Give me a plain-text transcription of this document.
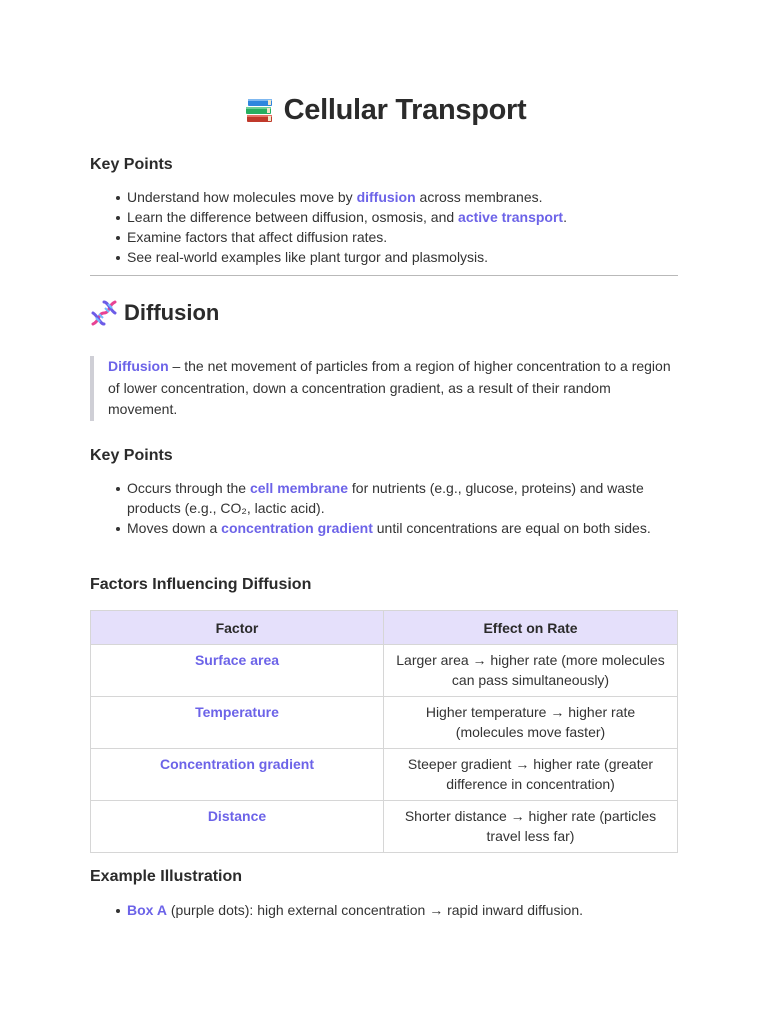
Cellular Transport
Key Points
Understand how molecules move by diffusion across membranes.
Learn the difference between diffusion, osmosis, and active transport.
Examine factors that affect diffusion rates.
See real-world examples like plant turgor and plasmolysis.
Diffusion
Diffusion – the net movement of particles from a region of higher concentration to a region of lower concentration, down a concentration gradient, as a result of their random movement.
Key Points
Occurs through the cell membrane for nutrients (e.g., glucose, proteins) and waste products (e.g., CO₂, lactic acid).
Moves down a concentration gradient until concentrations are equal on both sides.
Factors Influencing Diffusion
Factor	Effect on Rate
Surface area	Larger area → higher rate (more molecules can pass simultaneously)
Temperature	Higher temperature → higher rate (molecules move faster)
Concentration gradient	Steeper gradient → higher rate (greater difference in concentration)
Distance	Shorter distance → higher rate (particles travel less far)
Example Illustration
Box A (purple dots): high external concentration → rapid inward diffusion.
